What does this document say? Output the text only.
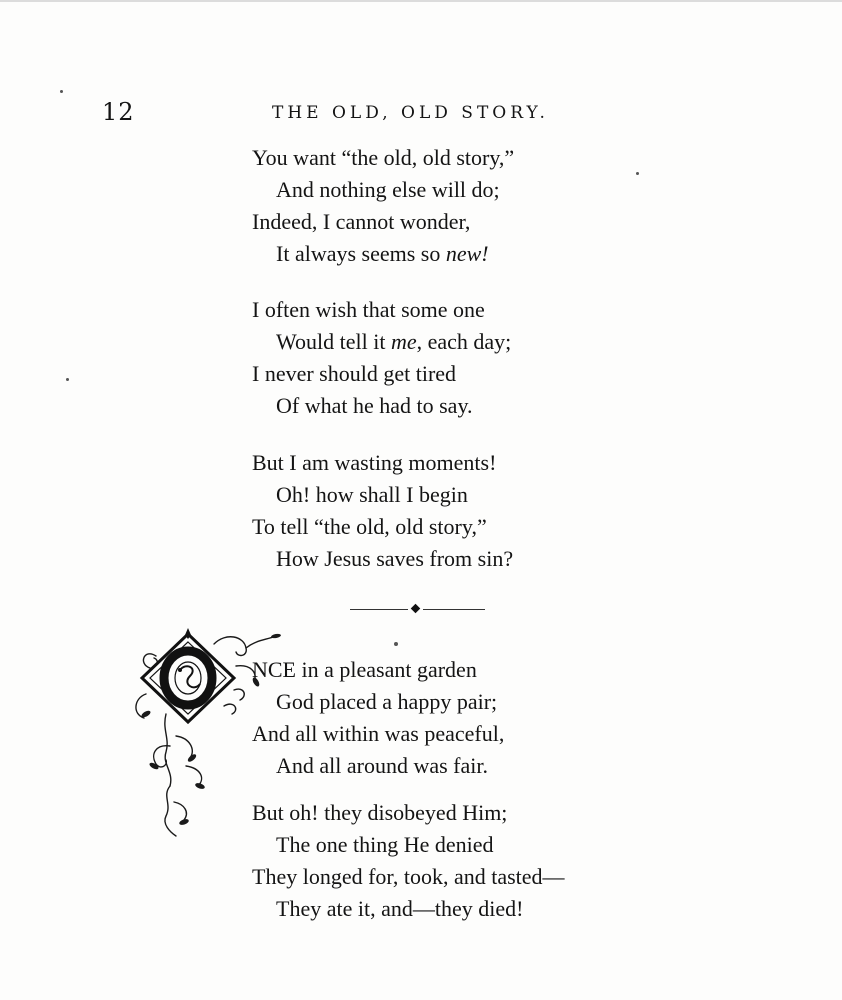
12	THE OLD, OLD STORY.
You want “the old, old story,”
And nothing else will do;
Indeed, I cannot wonder,
It always seems so new!
I often wish that some one
Would tell it me, each day;
I never should get tired
Of what he had to say.
But I am wasting moments!
Oh! how shall I begin
To tell “the old, old story,”
How Jesus saves from sin?
NCE in a pleasant garden
God placed a happy pair;
And all within was peaceful,
And all around was fair.
But oh! they disobeyed Him;
The one thing He denied
They longed for, took, and tasted—
They ate it, and—they died!
